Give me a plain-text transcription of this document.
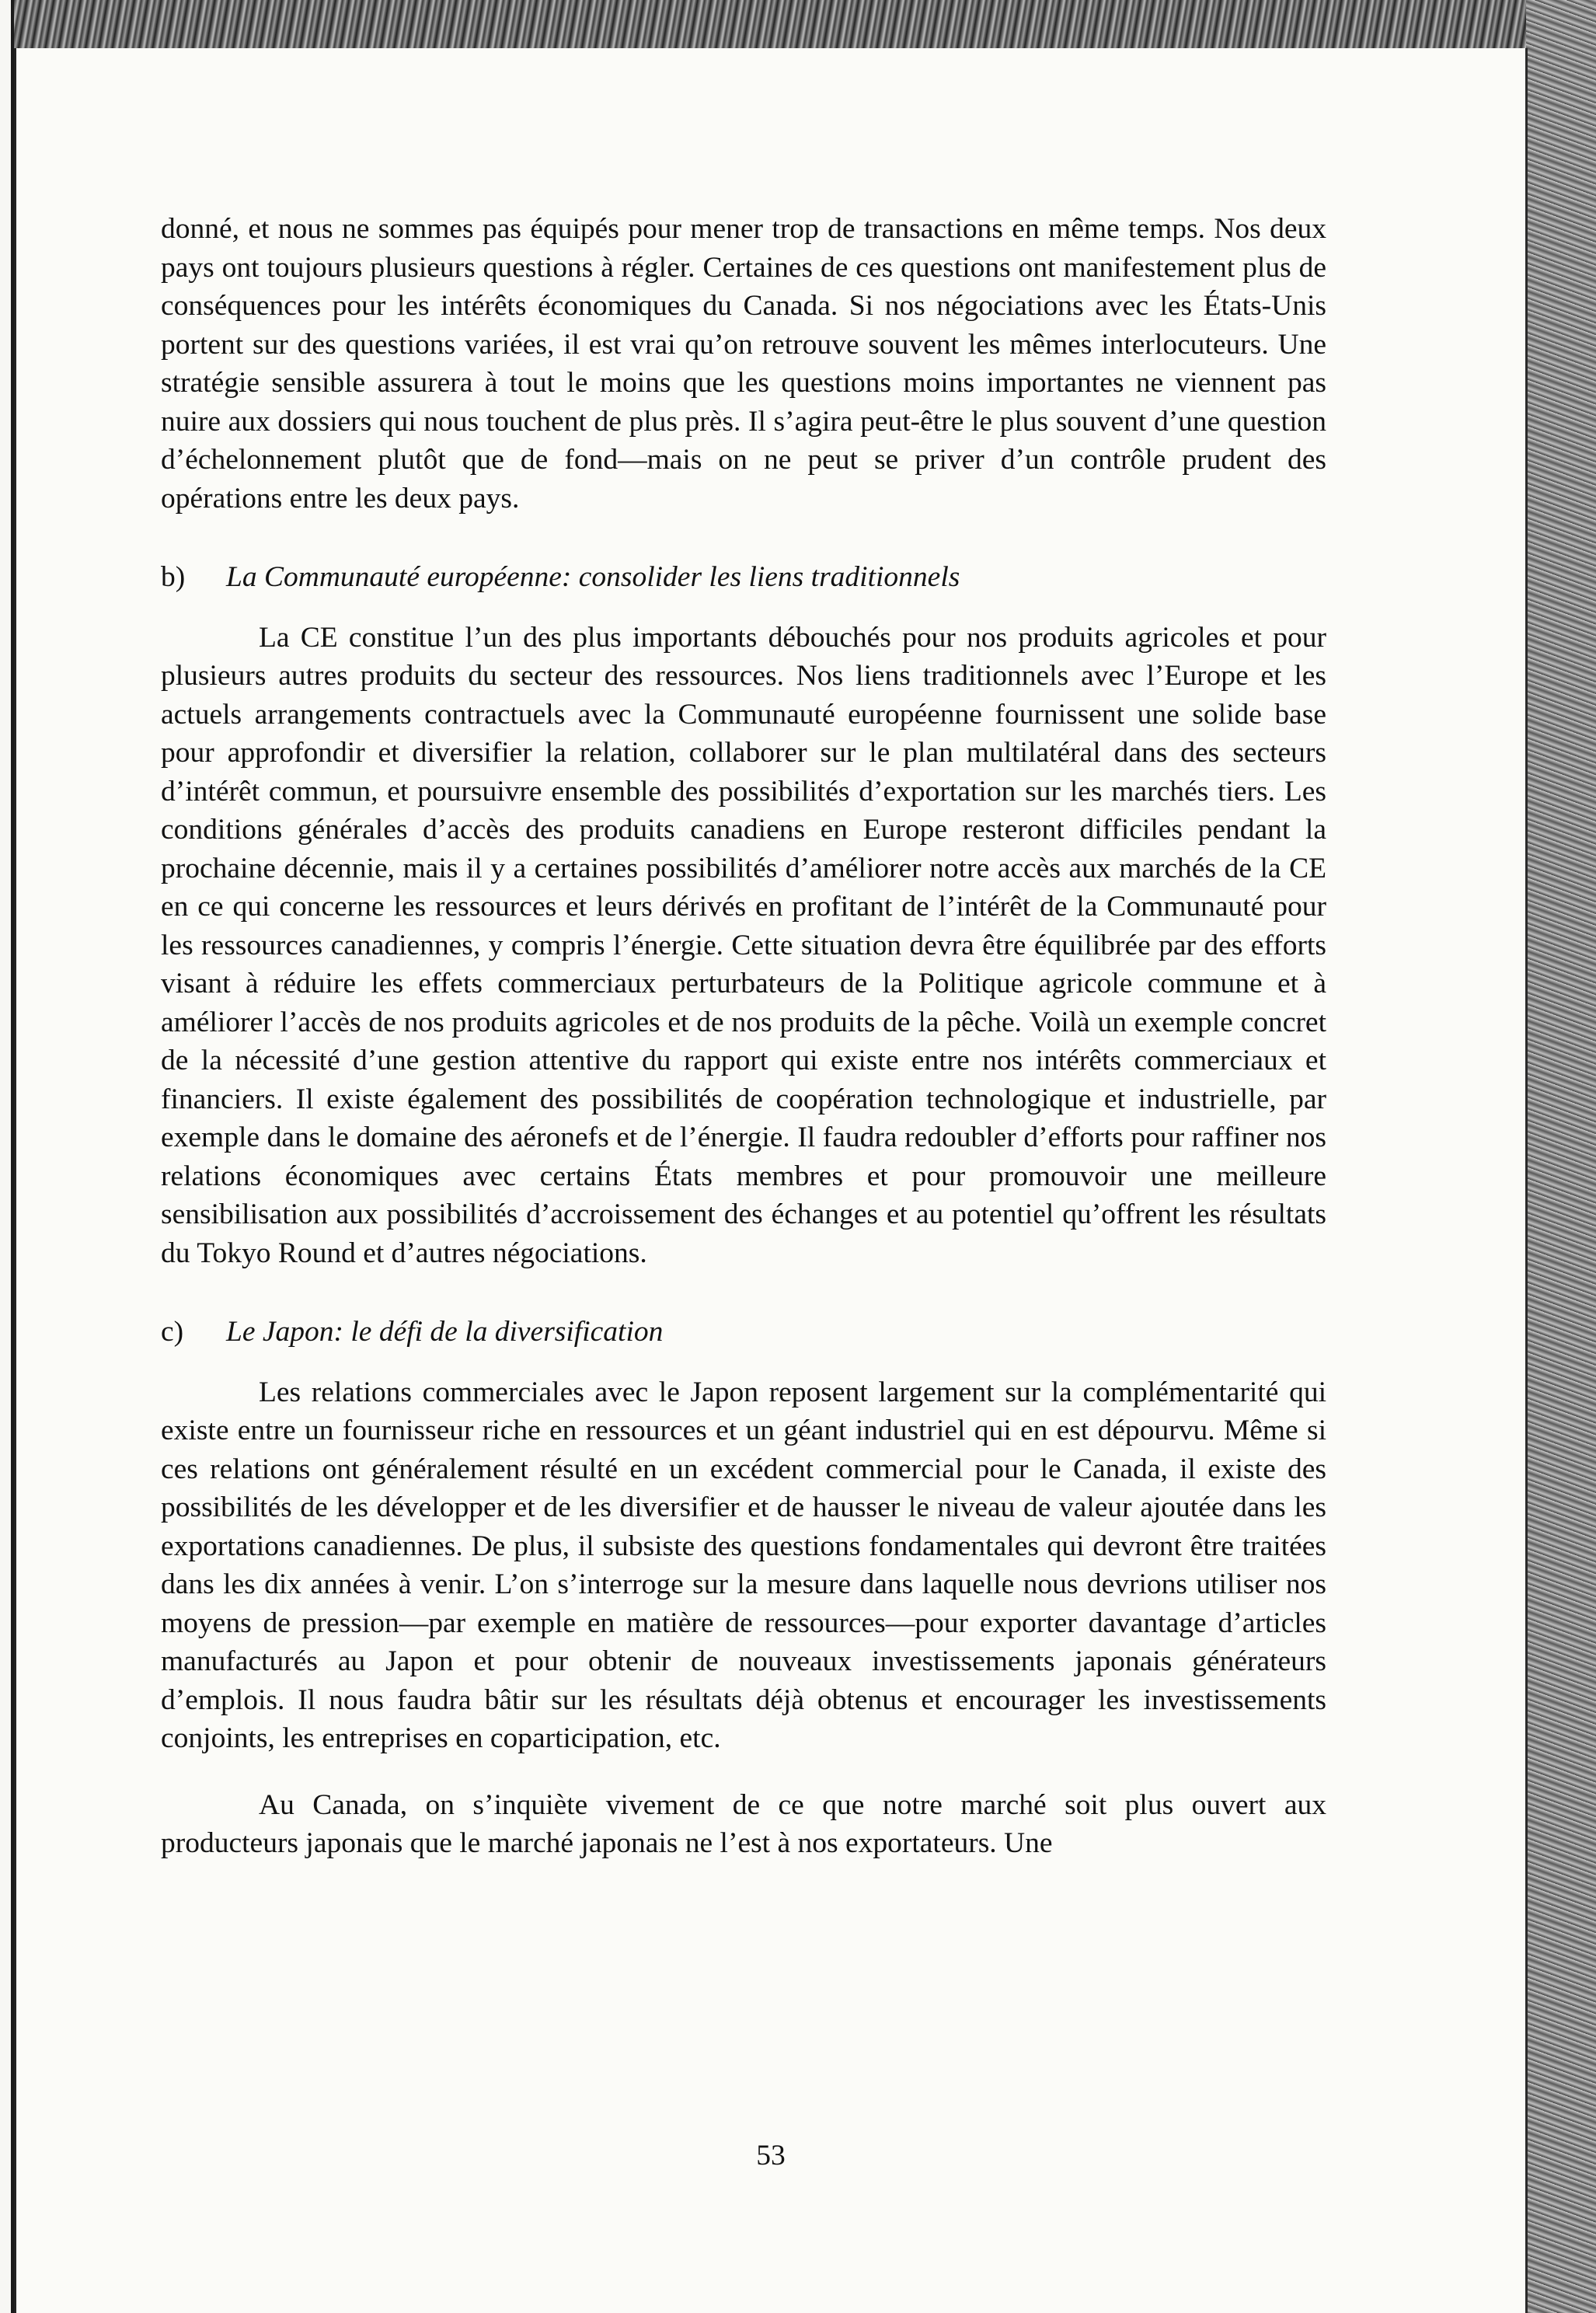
donné, et nous ne sommes pas équipés pour mener trop de transactions en même temps. Nos deux pays ont toujours plusieurs questions à régler. Certaines de ces questions ont manifestement plus de conséquences pour les intérêts économiques du Canada. Si nos négociations avec les États-Unis portent sur des questions variées, il est vrai qu’on retrouve souvent les mêmes interlocuteurs. Une stratégie sensible assurera à tout le moins que les questions moins importantes ne viennent pas nuire aux dossiers qui nous touchent de plus près. Il s’agira peut-être le plus souvent d’une question d’échelonnement plutôt que de fond—mais on ne peut se priver d’un contrôle prudent des opérations entre les deux pays.

b) La Communauté européenne: consolider les liens traditionnels

La CE constitue l’un des plus importants débouchés pour nos produits agricoles et pour plusieurs autres produits du secteur des ressources. Nos liens traditionnels avec l’Europe et les actuels arrangements contractuels avec la Communauté européenne fournissent une solide base pour approfondir et diversifier la relation, collaborer sur le plan multilatéral dans des secteurs d’intérêt commun, et poursuivre ensemble des possibilités d’exportation sur les marchés tiers. Les conditions générales d’accès des produits canadiens en Europe resteront difficiles pendant la prochaine décennie, mais il y a certaines possibilités d’améliorer notre accès aux marchés de la CE en ce qui concerne les ressources et leurs dérivés en profitant de l’intérêt de la Communauté pour les ressources canadiennes, y compris l’énergie. Cette situation devra être équilibrée par des efforts visant à réduire les effets commerciaux perturbateurs de la Politique agricole commune et à améliorer l’accès de nos produits agricoles et de nos produits de la pêche. Voilà un exemple concret de la nécessité d’une gestion attentive du rapport qui existe entre nos intérêts commerciaux et financiers. Il existe également des possibilités de coopération technologique et industrielle, par exemple dans le domaine des aéronefs et de l’énergie. Il faudra redoubler d’efforts pour raffiner nos relations économiques avec certains États membres et pour promouvoir une meilleure sensibilisation aux possibilités d’accroissement des échanges et au potentiel qu’offrent les résultats du Tokyo Round et d’autres négociations.

c) Le Japon: le défi de la diversification

Les relations commerciales avec le Japon reposent largement sur la complémentarité qui existe entre un fournisseur riche en ressources et un géant industriel qui en est dépourvu. Même si ces relations ont généralement résulté en un excédent commercial pour le Canada, il existe des possibilités de les développer et de les diversifier et de hausser le niveau de valeur ajoutée dans les exportations canadiennes. De plus, il subsiste des questions fondamentales qui devront être traitées dans les dix années à venir. L’on s’interroge sur la mesure dans laquelle nous devrions utiliser nos moyens de pression—par exemple en matière de ressources—pour exporter davantage d’articles manufacturés au Japon et pour obtenir de nouveaux investissements japonais générateurs d’emplois. Il nous faudra bâtir sur les résultats déjà obtenus et encourager les investissements conjoints, les entreprises en coparticipation, etc.

Au Canada, on s’inquiète vivement de ce que notre marché soit plus ouvert aux producteurs japonais que le marché japonais ne l’est à nos exportateurs. Une

53
